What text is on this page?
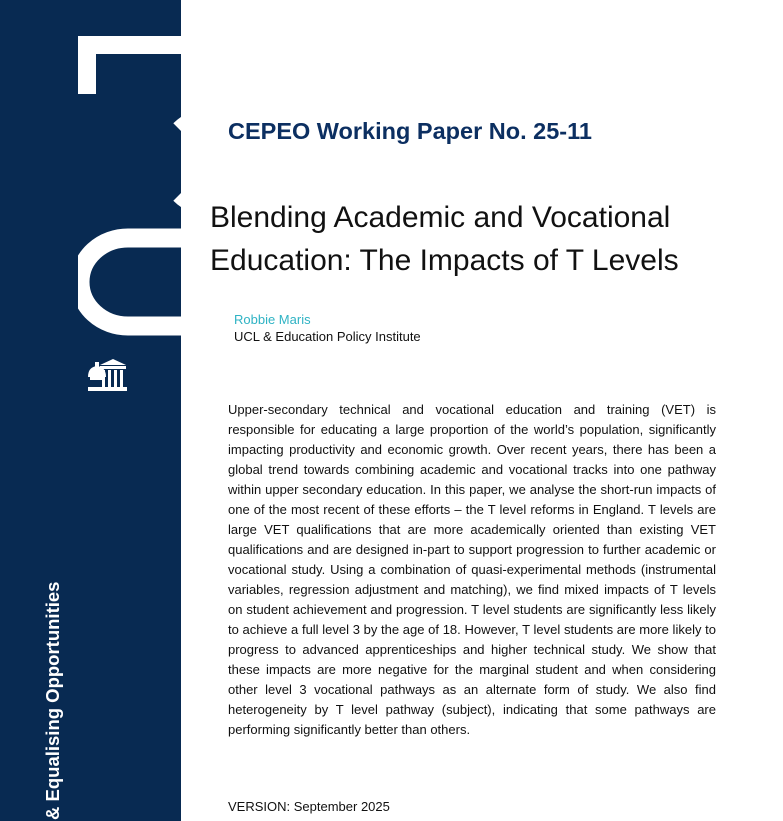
& Equalising Opportunities
CEPEO Working Paper No. 25-11
Blending Academic and Vocational
Education: The Impacts of T Levels
Robbie Maris
UCL & Education Policy Institute

Upper-secondary technical and vocational education and training (VET) is responsible for educating a large proportion of the world’s population, significantly impacting productivity and economic growth. Over recent years, there has been a global trend towards combining academic and vocational tracks into one pathway within upper secondary education. In this paper, we analyse the short-run impacts of one of the most recent of these efforts – the T level reforms in England. T levels are large VET qualifications that are more academically oriented than existing VET qualifications and are designed in-part to support progression to further academic or vocational study. Using a combination of quasi-experimental methods (instrumental variables, regression adjustment and matching), we find mixed impacts of T levels on student achievement and progression. T level students are significantly less likely to achieve a full level 3 by the age of 18. However, T level students are more likely to progress to advanced apprenticeships and higher technical study. We show that these impacts are more negative for the marginal student and when considering other level 3 vocational pathways as an alternate form of study. We also find heterogeneity by T level pathway (subject), indicating that some pathways are performing significantly better than others.

VERSION: September 2025
